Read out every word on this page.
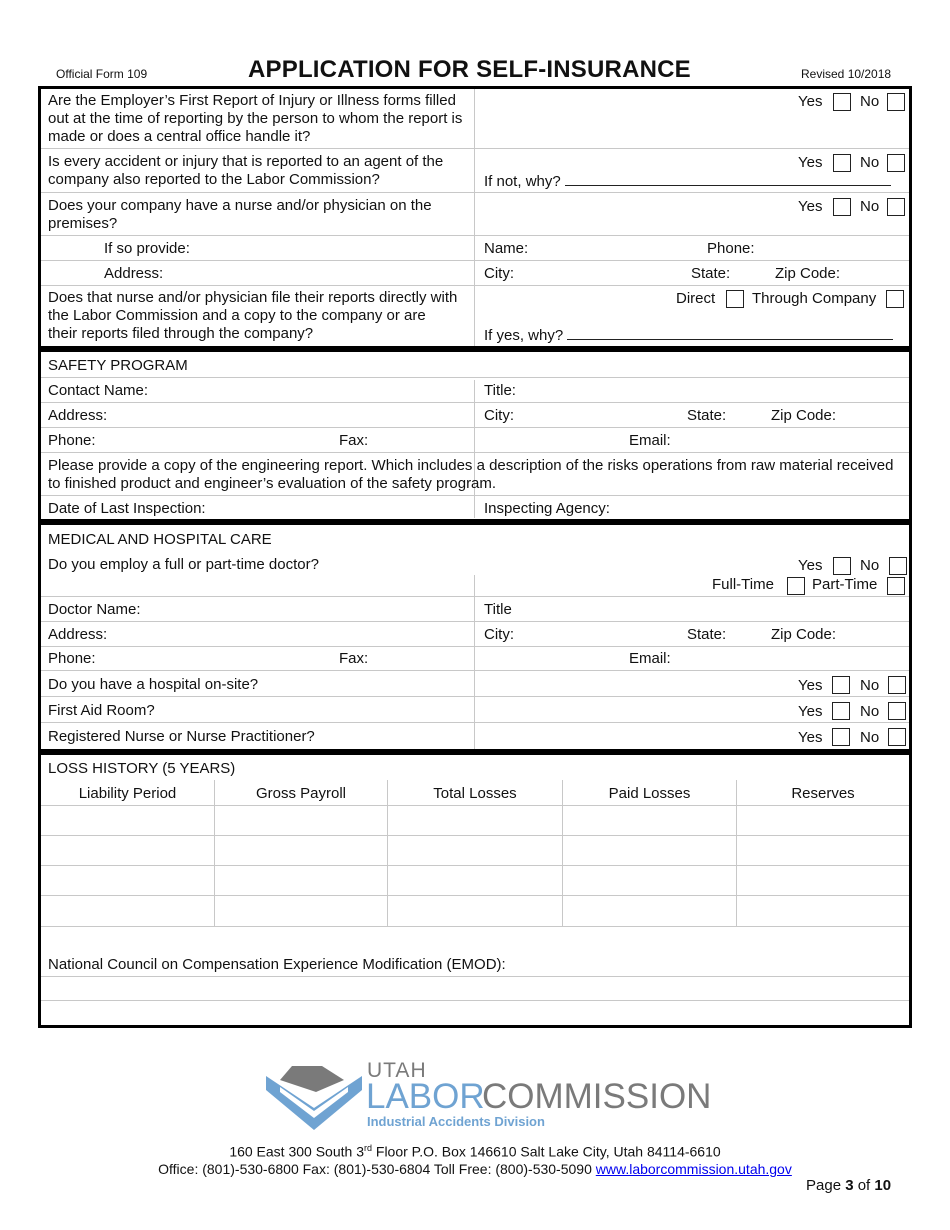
Official Form 109	APPLICATION FOR SELF-INSURANCE	Revised 10/2018
Are the Employer’s First Report of Injury or Illness forms filled out at the time of reporting by the person to whom the report is made or does a central office handle it?
Yes	No
Is every accident or injury that is reported to an agent of the company also reported to the Labor Commission?
Yes	No
If not, why?
Does your company have a nurse and/or physician on the premises?
Yes	No
If so provide:	Name:	Phone:
Address:	City:	State:	Zip Code:
Does that nurse and/or physician file their reports directly with the Labor Commission and a copy to the company or are their reports filed through the company?
Direct Through Company
If yes, why?
SAFETY PROGRAM
Contact Name:	Title:
Address:	City:	State:	Zip Code:
Phone:	Fax:	Email:
Please provide a copy of the engineering report. Which includes a description of the risks operations from raw material received to finished product and engineer’s evaluation of the safety program.
Date of Last Inspection:	Inspecting Agency:
MEDICAL AND HOSPITAL CARE
Do you employ a full or part-time doctor?	Yes	No
Full-Time	Part-Time
Doctor Name:	Title
Address:	City:	State:	Zip Code:
Phone:	Fax:	Email:
Do you have a hospital on-site?	Yes	No
First Aid Room?	Yes	No
Registered Nurse or Nurse Practitioner?	Yes	No
LOSS HISTORY (5 YEARS)
Liability Period	Gross Payroll	Total Losses	Paid Losses	Reserves
National Council on Compensation Experience Modification (EMOD):
UTAH
LABOR
COMMISSION
Industrial Accidents Division
160 East 300 South 3rd Floor P.O. Box 146610 Salt Lake City, Utah 84114-6610
Office: (801)-530-6800 Fax: (801)-530-6804 Toll Free: (800)-530-5090 www.laborcommission.utah.gov
Page 3 of 10
